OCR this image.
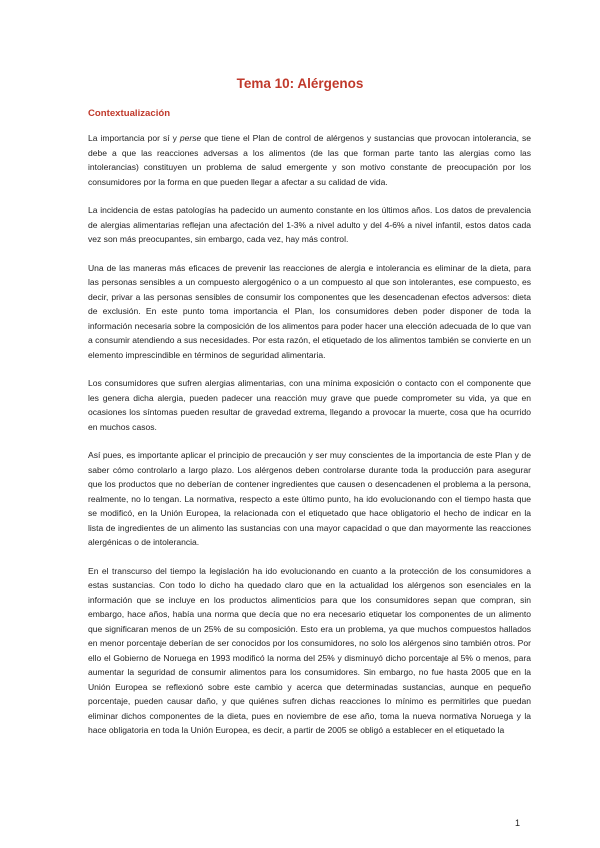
Tema 10: Alérgenos
Contextualización

La importancia por sí y perse que tiene el Plan de control de alérgenos y sustancias que provocan intolerancia, se debe a que las reacciones adversas a los alimentos (de las que forman parte tanto las alergias como las intolerancias) constituyen un problema de salud emergente y son motivo constante de preocupación por los consumidores por la forma en que pueden llegar a afectar a su calidad de vida.

La incidencia de estas patologías ha padecido un aumento constante en los últimos años. Los datos de prevalencia de alergias alimentarias reflejan una afectación del 1-3% a nivel adulto y del 4-6% a nivel infantil, estos datos cada vez son más preocupantes, sin embargo, cada vez, hay más control.

Una de las maneras más eficaces de prevenir las reacciones de alergia e intolerancia es eliminar de la dieta, para las personas sensibles a un compuesto alergogénico o a un compuesto al que son intolerantes, ese compuesto, es decir, privar a las personas sensibles de consumir los componentes que les desencadenan efectos adversos: dieta de exclusión. En este punto toma importancia el Plan, los consumidores deben poder disponer de toda la información necesaria sobre la composición de los alimentos para poder hacer una elección adecuada de lo que van a consumir atendiendo a sus necesidades. Por esta razón, el etiquetado de los alimentos también se convierte en un elemento imprescindible en términos de seguridad alimentaria.

Los consumidores que sufren alergias alimentarias, con una mínima exposición o contacto con el componente que les genera dicha alergia, pueden padecer una reacción muy grave que puede comprometer su vida, ya que en ocasiones los síntomas pueden resultar de gravedad extrema, llegando a provocar la muerte, cosa que ha ocurrido en muchos casos.

Así pues, es importante aplicar el principio de precaución y ser muy conscientes de la importancia de este Plan y de saber cómo controlarlo a largo plazo. Los alérgenos deben controlarse durante toda la producción para asegurar que los productos que no deberían de contener ingredientes que causen o desencadenen el problema a la persona, realmente, no lo tengan. La normativa, respecto a este último punto, ha ido evolucionando con el tiempo hasta que se modificó, en la Unión Europea, la relacionada con el etiquetado que hace obligatorio el hecho de indicar en la lista de ingredientes de un alimento las sustancias con una mayor capacidad o que dan mayormente las reacciones alergénicas o de intolerancia.

En el transcurso del tiempo la legislación ha ido evolucionando en cuanto a la protección de los consumidores a estas sustancias. Con todo lo dicho ha quedado claro que en la actualidad los alérgenos son esenciales en la información que se incluye en los productos alimenticios para que los consumidores sepan que compran, sin embargo, hace años, había una norma que decía que no era necesario etiquetar los componentes de un alimento que significaran menos de un 25% de su composición. Esto era un problema, ya que muchos compuestos hallados en menor porcentaje deberían de ser conocidos por los consumidores, no solo los alérgenos sino también otros. Por ello el Gobierno de Noruega en 1993 modificó la norma del 25% y disminuyó dicho porcentaje al 5% o menos, para aumentar la seguridad de consumir alimentos para los consumidores. Sin embargo, no fue hasta 2005 que en la Unión Europea se reflexionó sobre este cambio y acerca que determinadas sustancias, aunque en pequeño porcentaje, pueden causar daño, y que quiénes sufren dichas reacciones lo mínimo es permitirles que puedan eliminar dichos componentes de la dieta, pues en noviembre de ese año, toma la nueva normativa Noruega y la hace obligatoria en toda la Unión Europea, es decir, a partir de 2005 se obligó a establecer en el etiquetado la

1
